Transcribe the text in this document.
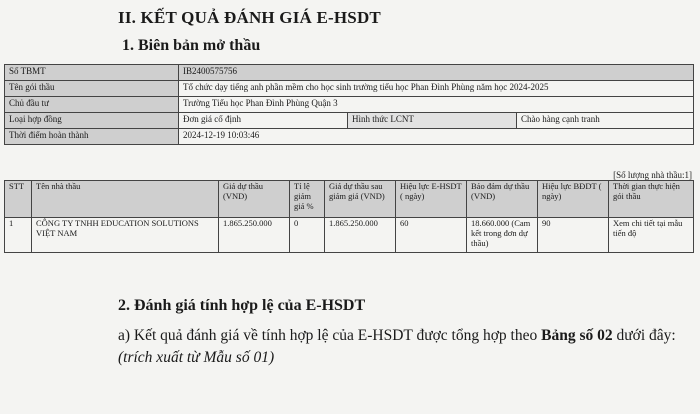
II. KẾT QUẢ ĐÁNH GIÁ E-HSDT
1. Biên bản mở thầu
Số TBMT	IB2400575756		
Tên gói thầu	Tổ chức dạy tiếng anh phần mềm cho học sinh trường tiểu học Phan Đình Phùng năm học 2024-2025		
Chủ đầu tư	Trường Tiểu học Phan Đình Phùng Quận 3		
Loại hợp đồng	Đơn giá cố định	Hình thức LCNT	Chào hàng cạnh tranh
Thời điểm hoàn thành	2024-12-19 10:03:46		
[Số lượng nhà thầu:1]
STT	Tên nhà thầu	Giá dự thầu (VND)	Tỉ lệ giảm giá %	Giá dự thầu sau giảm giá (VND)	Hiệu lực E-HSDT ( ngày)	Bảo đảm dự thầu (VND)	Hiệu lực BĐDT ( ngày)	Thời gian thực hiện gói thầu
1	CÔNG TY TNHH EDUCATION SOLUTIONS VIỆT NAM	1.865.250.000	0	1.865.250.000	60	18.660.000 (Cam kết trong đơn dự thầu)	90	Xem chi tiết tại mẫu tiến độ
2. Đánh giá tính hợp lệ của E-HSDT
a) Kết quả đánh giá về tính hợp lệ của E-HSDT được tổng hợp theo Bảng số 02 dưới đây: (trích xuất từ Mẫu số 01)
